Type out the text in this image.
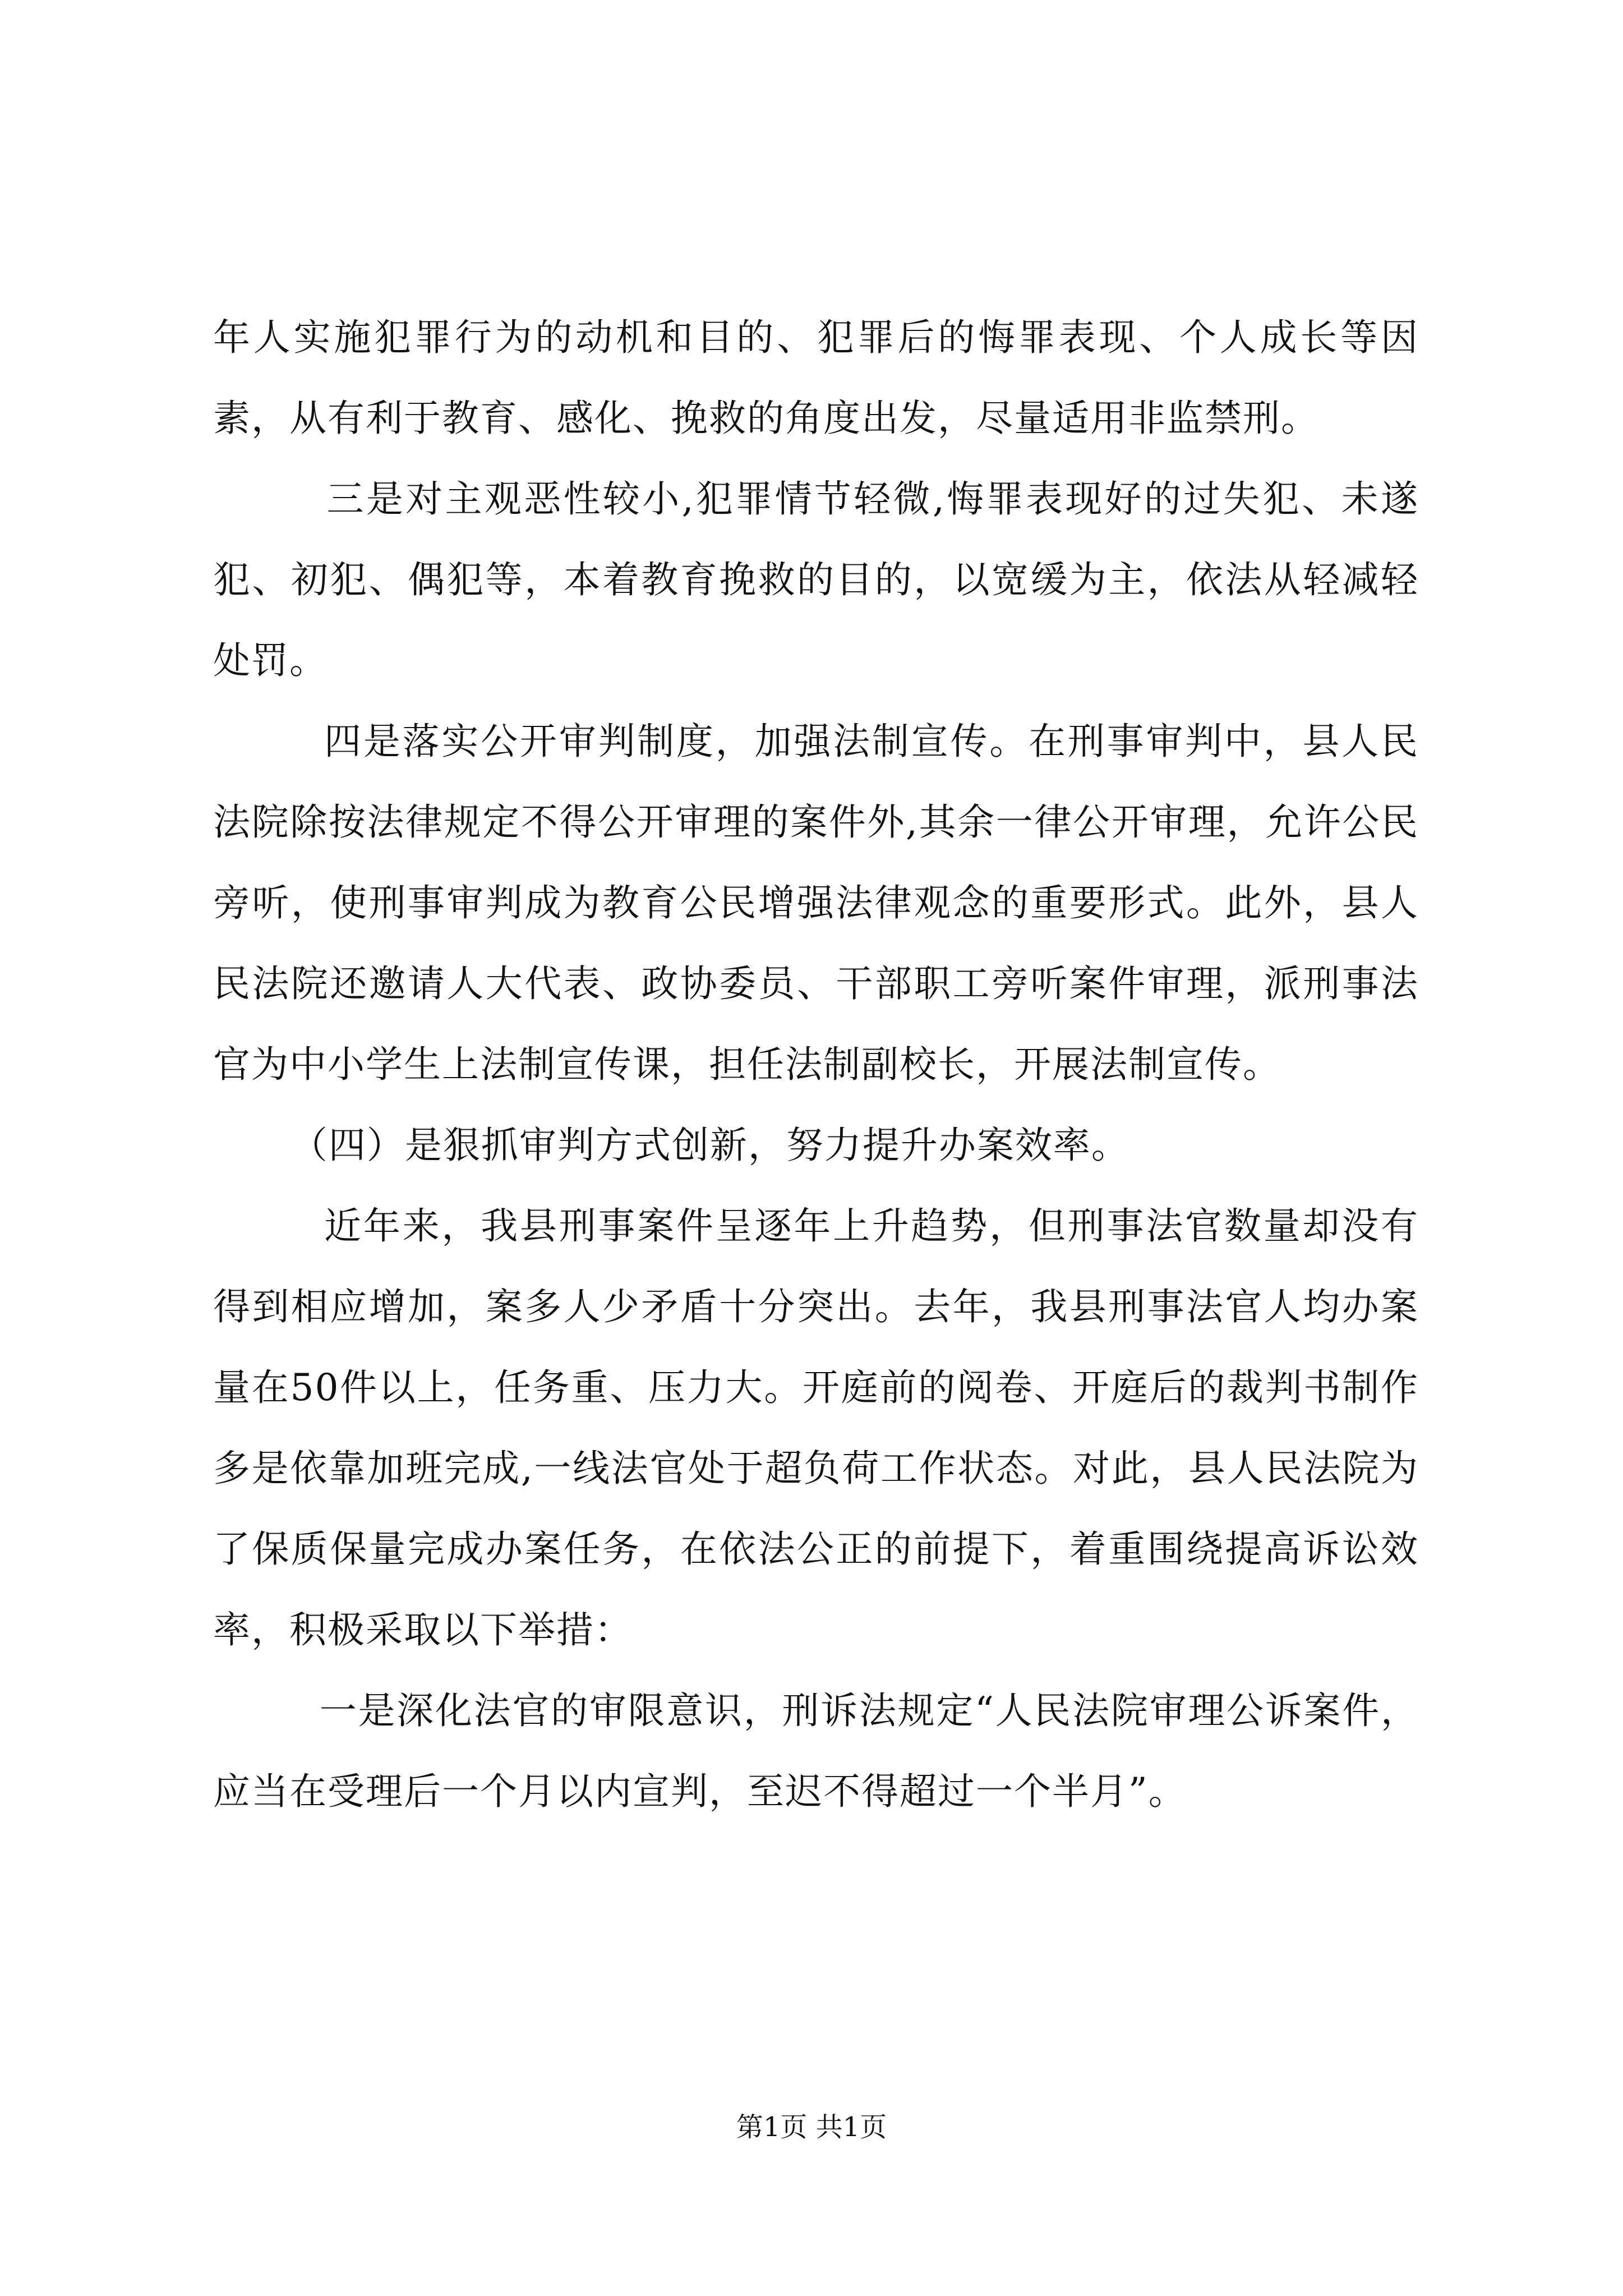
年人实施犯罪行为的动机和目的、犯罪后的悔罪表现、个人成长等因素，从有利于教育、感化、挽救的角度出发，尽量适用非监禁刑。

三是对主观恶性较小,犯罪情节轻微,悔罪表现好的过失犯、未遂犯、初犯、偶犯等，本着教育挽救的目的，以宽缓为主，依法从轻减轻处罚。

四是落实公开审判制度，加强法制宣传。在刑事审判中，县人民法院除按法律规定不得公开审理的案件外,其余一律公开审理，允许公民旁听，使刑事审判成为教育公民增强法律观念的重要形式。此外，县人民法院还邀请人大代表、政协委员、干部职工旁听案件审理，派刑事法官为中小学生上法制宣传课，担任法制副校长，开展法制宣传。

（四）是狠抓审判方式创新，努力提升办案效率。

近年来，我县刑事案件呈逐年上升趋势，但刑事法官数量却没有得到相应增加，案多人少矛盾十分突出。去年，我县刑事法官人均办案量在50件以上，任务重、压力大。开庭前的阅卷、开庭后的裁判书制作多是依靠加班完成,一线法官处于超负荷工作状态。对此，县人民法院为了保质保量完成办案任务，在依法公正的前提下，着重围绕提高诉讼效率，积极采取以下举措：

一是深化法官的审限意识，刑诉法规定“人民法院审理公诉案件，应当在受理后一个月以内宣判，至迟不得超过一个半月”。

第1页 共1页
